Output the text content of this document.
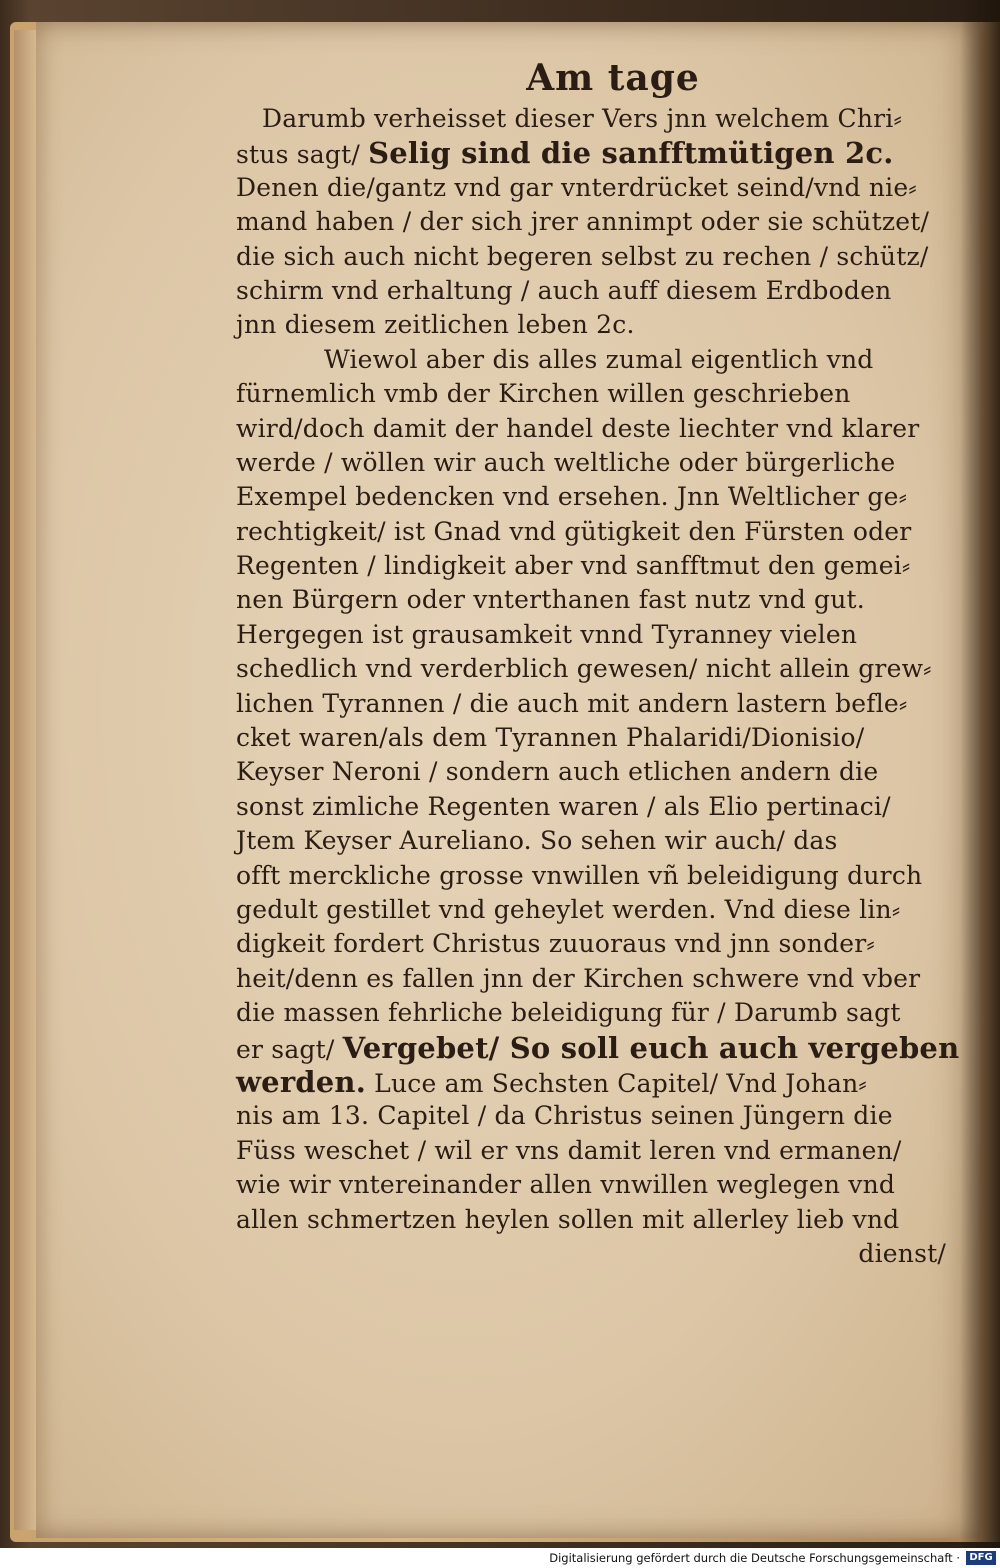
Am tage
Darumb verheisset dieser Vers jnn welchem Chri⸗
stus sagt/ Selig sind die sanfftmütigen 2c.
Denen die/gantz vnd gar vnterdrücket seind/vnd nie⸗
mand haben / der sich jrer annimpt oder sie schützet/
die sich auch nicht begeren selbst zu rechen / schütz/
schirm vnd erhaltung / auch auff diesem Erdboden
jnn diesem zeitlichen leben 2c.
Wiewol aber dis alles zumal eigentlich vnd
fürnemlich vmb der Kirchen willen geschrieben
wird/doch damit der handel deste liechter vnd klarer
werde / wöllen wir auch weltliche oder bürgerliche
Exempel bedencken vnd ersehen. Jnn Weltlicher ge⸗
rechtigkeit/ ist Gnad vnd gütigkeit den Fürsten oder
Regenten / lindigkeit aber vnd sanfftmut den gemei⸗
nen Bürgern oder vnterthanen fast nutz vnd gut.
Hergegen ist grausamkeit vnnd Tyranney vielen
schedlich vnd verderblich gewesen/ nicht allein grew⸗
lichen Tyrannen / die auch mit andern lastern befle⸗
cket waren/als dem Tyrannen Phalaridi/Dionisio/
Keyser Neroni / sondern auch etlichen andern die
sonst zimliche Regenten waren / als Elio pertinaci/
Jtem Keyser Aureliano. So sehen wir auch/ das
offt merckliche grosse vnwillen vñ beleidigung durch
gedult gestillet vnd geheylet werden. Vnd diese lin⸗
digkeit fordert Christus zuuoraus vnd jnn sonder⸗
heit/denn es fallen jnn der Kirchen schwere vnd vber
die massen fehrliche beleidigung für / Darumb sagt
er sagt/ Vergebet/ So soll euch auch vergeben
werden. Luce am Sechsten Capitel/ Vnd Johan⸗
nis am 13. Capitel / da Christus seinen Jüngern die
Füss weschet / wil er vns damit leren vnd ermanen/
wie wir vntereinander allen vnwillen weglegen vnd
allen schmertzen heylen sollen mit allerley lieb vnd
dienst/
Digitalisierung gefördert durch die Deutsche Forschungsgemeinschaft · DFG
